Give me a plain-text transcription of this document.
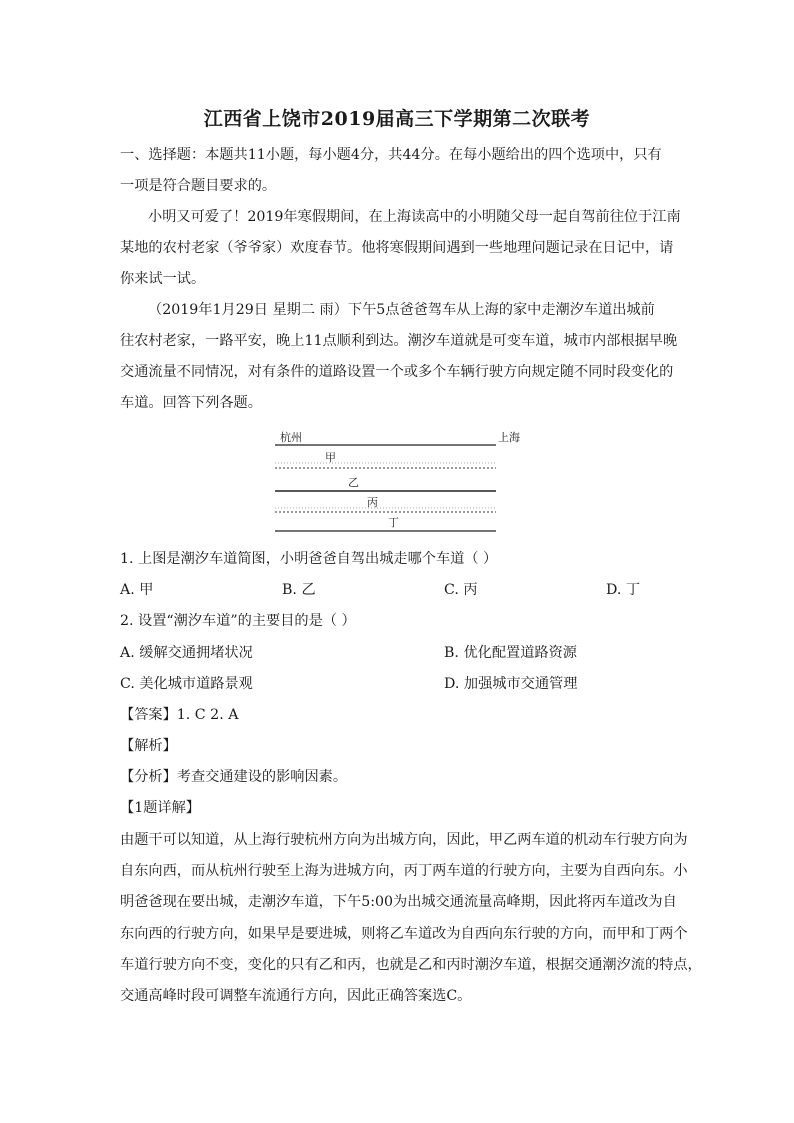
江西省上饶市2019届高三下学期第二次联考
一、选择题：本题共11小题，每小题4分，共44分。在每小题给出的四个选项中，只有
一项是符合题目要求的。
小明又可爱了！2019年寒假期间，在上海读高中的小明随父母一起自驾前往位于江南
某地的农村老家（爷爷家）欢度春节。他将寒假期间遇到一些地理问题记录在日记中，请
你来试一试。
（2019年1月29日 星期二 雨）下午5点爸爸驾车从上海的家中走潮汐车道出城前
往农村老家，一路平安，晚上11点顺利到达。潮汐车道就是可变车道，城市内部根据早晚
交通流量不同情况，对有条件的道路设置一个或多个车辆行驶方向规定随不同时段变化的
车道。回答下列各题。
杭州	上海
甲
乙
丙
丁
1. 上图是潮汐车道简图，小明爸爸自驾出城走哪个车道（ ）
A. 甲	B. 乙	C. 丙	D. 丁
2. 设置“潮汐车道”的主要目的是（ ）
A. 缓解交通拥堵状况	B. 优化配置道路资源
C. 美化城市道路景观	D. 加强城市交通管理
【答案】1. C 2. A
【解析】
【分析】考查交通建设的影响因素。
【1题详解】
由题干可以知道，从上海行驶杭州方向为出城方向，因此，甲乙两车道的机动车行驶方向为
自东向西，而从杭州行驶至上海为进城方向，丙丁两车道的行驶方向，主要为自西向东。小
明爸爸现在要出城，走潮汐车道，下午5:00为出城交通流量高峰期，因此将丙车道改为自
东向西的行驶方向，如果早是要进城，则将乙车道改为自西向东行驶的方向，而甲和丁两个
车道行驶方向不变，变化的只有乙和丙，也就是乙和丙时潮汐车道，根据交通潮汐流的特点，
交通高峰时段可调整车流通行方向，因此正确答案选C。
